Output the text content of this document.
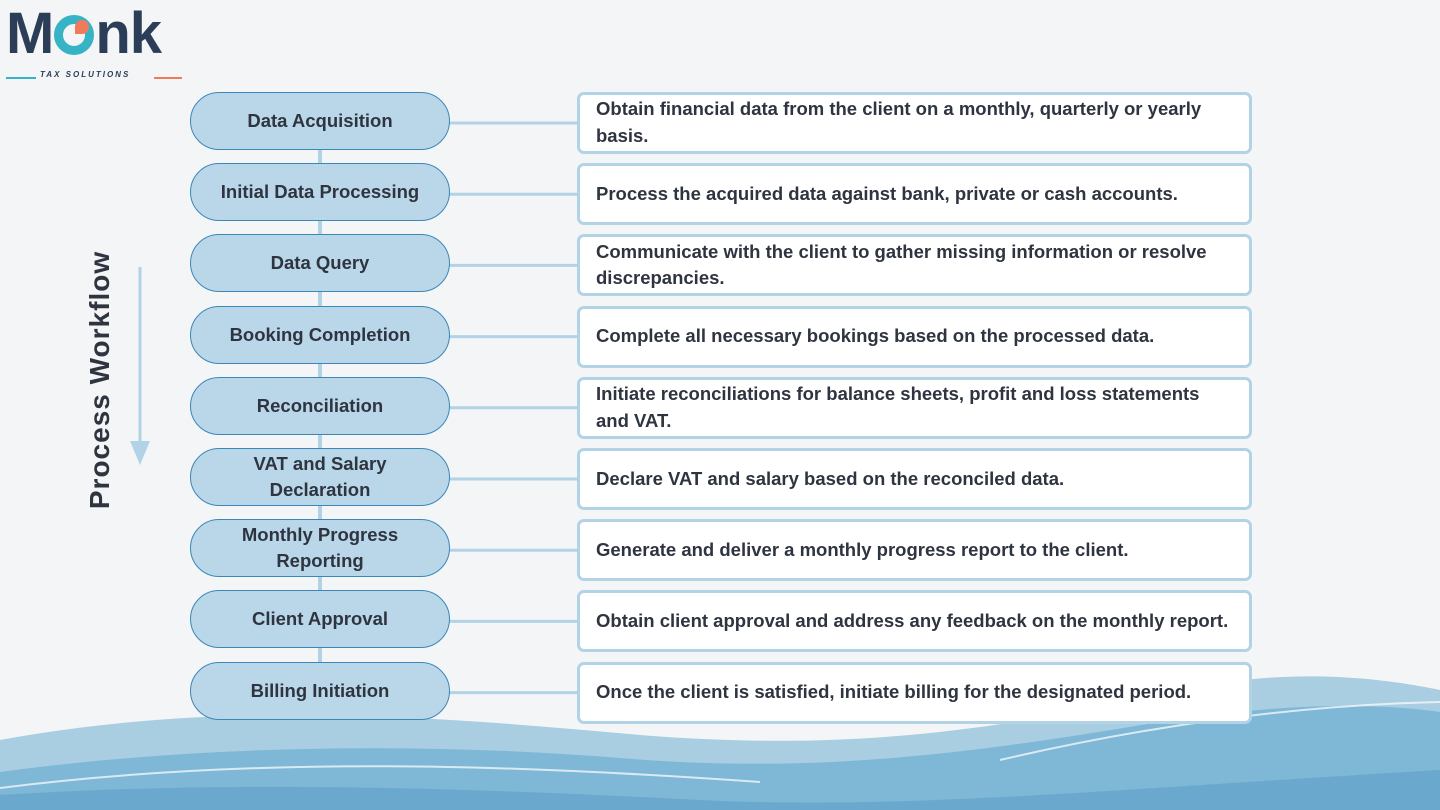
M nk
TAX SOLUTIONS
Process Workflow
Data Acquisition
Obtain financial data from the client on a monthly, quarterly or yearly basis.
Initial Data Processing	Process the acquired data against bank, private or cash accounts.
Data Query
Communicate with the client to gather missing information or resolve discrepancies.
Booking Completion	Complete all necessary bookings based on the processed data.
Reconciliation
Initiate reconciliations for balance sheets, profit and loss statements and VAT.
VAT and Salary Declaration
Declare VAT and salary based on the reconciled data.
Monthly Progress Reporting
Generate and deliver a monthly progress report to the client.
Client Approval	Obtain client approval and address any feedback on the monthly report.
Billing Initiation	Once the client is satisfied, initiate billing for the designated period.
